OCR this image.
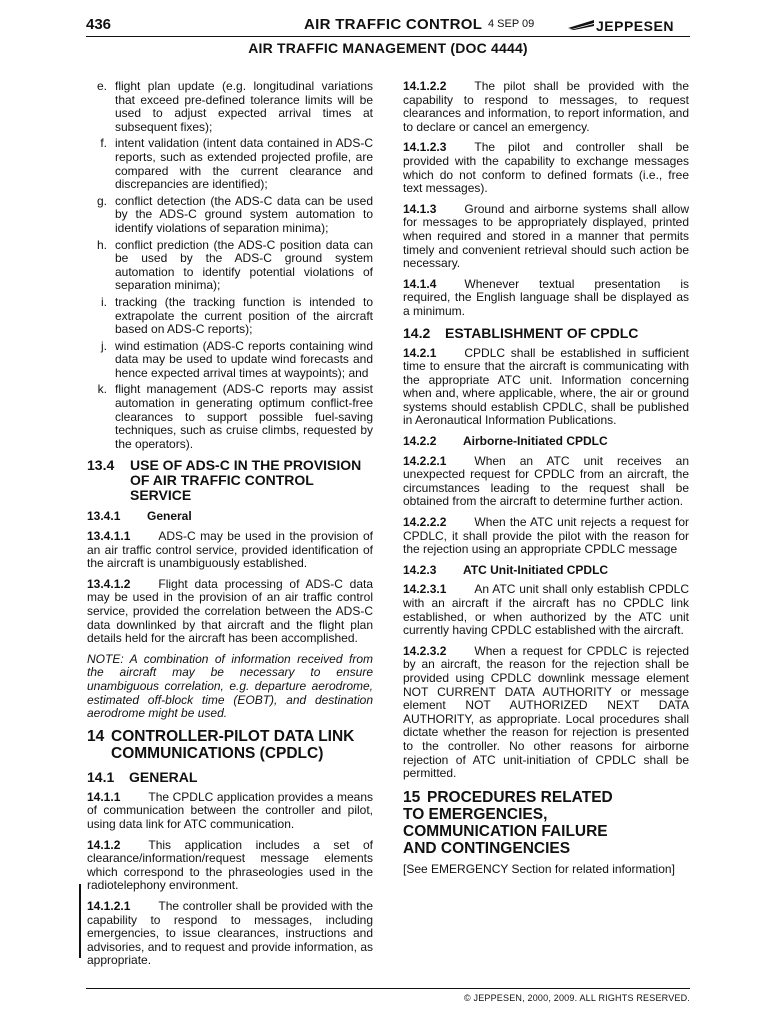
436	AIR TRAFFIC CONTROL 4 SEP 09	JEPPESEN
AIR TRAFFIC MANAGEMENT (DOC 4444)
e. flight plan update (e.g. longitudinal variations that exceed pre-defined tolerance limits will be used to adjust expected arrival times at subsequent fixes);
f. intent validation (intent data contained in ADS-C reports, such as extended projected profile, are compared with the current clearance and discrepancies are identified);
g. conflict detection (the ADS-C data can be used by the ADS-C ground system automation to identify violations of separation minima);
h. conflict prediction (the ADS-C position data can be used by the ADS-C ground system automation to identify potential violations of separation minima);
i. tracking (the tracking function is intended to extrapolate the current position of the aircraft based on ADS-C reports);
j. wind estimation (ADS-C reports containing wind data may be used to update wind forecasts and hence expected arrival times at waypoints); and
k. flight management (ADS-C reports may assist automation in generating optimum conflict-free clearances to support possible fuel-saving techniques, such as cruise climbs, requested by the operators).
13.4 USE OF ADS-C IN THE PROVISION OF AIR TRAFFIC CONTROL SERVICE
13.4.1 General

13.4.1.1 ADS-C may be used in the provision of an air traffic control service, provided identification of the aircraft is unambiguously established.

13.4.1.2 Flight data processing of ADS-C data may be used in the provision of an air traffic control service, provided the correlation between the ADS-C data downlinked by that aircraft and the flight plan details held for the aircraft has been accomplished.

NOTE: A combination of information received from the aircraft may be necessary to ensure unambiguous correlation, e.g. departure aerodrome, estimated off-block time (EOBT), and destination aerodrome might be used.

14 CONTROLLER-PILOT DATA LINK COMMUNICATIONS (CPDLC)
14.1 GENERAL

14.1.1 The CPDLC application provides a means of communication between the controller and pilot, using data link for ATC communication.

14.1.2 This application includes a set of clearance/information/request message elements which correspond to the phraseologies used in the radiotelephony environment.

14.1.2.1 The controller shall be provided with the capability to respond to messages, including emergencies, to issue clearances, instructions and advisories, and to request and provide information, as appropriate.

14.1.2.2 The pilot shall be provided with the capability to respond to messages, to request clearances and information, to report information, and to declare or cancel an emergency.

14.1.2.3 The pilot and controller shall be provided with the capability to exchange messages which do not conform to defined formats (i.e., free text messages).

14.1.3 Ground and airborne systems shall allow for messages to be appropriately displayed, printed when required and stored in a manner that permits timely and convenient retrieval should such action be necessary.

14.1.4 Whenever textual presentation is required, the English language shall be displayed as a minimum.

14.2 ESTABLISHMENT OF CPDLC

14.2.1 CPDLC shall be established in sufficient time to ensure that the aircraft is communicating with the appropriate ATC unit. Information concerning when and, where applicable, where, the air or ground systems should establish CPDLC, shall be published in Aeronautical Information Publications.

14.2.2 Airborne-Initiated CPDLC

14.2.2.1 When an ATC unit receives an unexpected request for CPDLC from an aircraft, the circumstances leading to the request shall be obtained from the aircraft to determine further action.

14.2.2.2 When the ATC unit rejects a request for CPDLC, it shall provide the pilot with the reason for the rejection using an appropriate CPDLC message

14.2.3 ATC Unit-Initiated CPDLC

14.2.3.1 An ATC unit shall only establish CPDLC with an aircraft if the aircraft has no CPDLC link established, or when authorized by the ATC unit currently having CPDLC established with the aircraft.

14.2.3.2 When a request for CPDLC is rejected by an aircraft, the reason for the rejection shall be provided using CPDLC downlink message element NOT CURRENT DATA AUTHORITY or message element NOT AUTHORIZED NEXT DATA AUTHORITY, as appropriate. Local procedures shall dictate whether the reason for rejection is presented to the controller. No other reasons for airborne rejection of ATC unit-initiation of CPDLC shall be permitted.

15 PROCEDURES RELATED
TO EMERGENCIES,
COMMUNICATION FAILURE
AND CONTINGENCIES

[See EMERGENCY Section for related information]

© JEPPESEN, 2000, 2009. ALL RIGHTS RESERVED.
